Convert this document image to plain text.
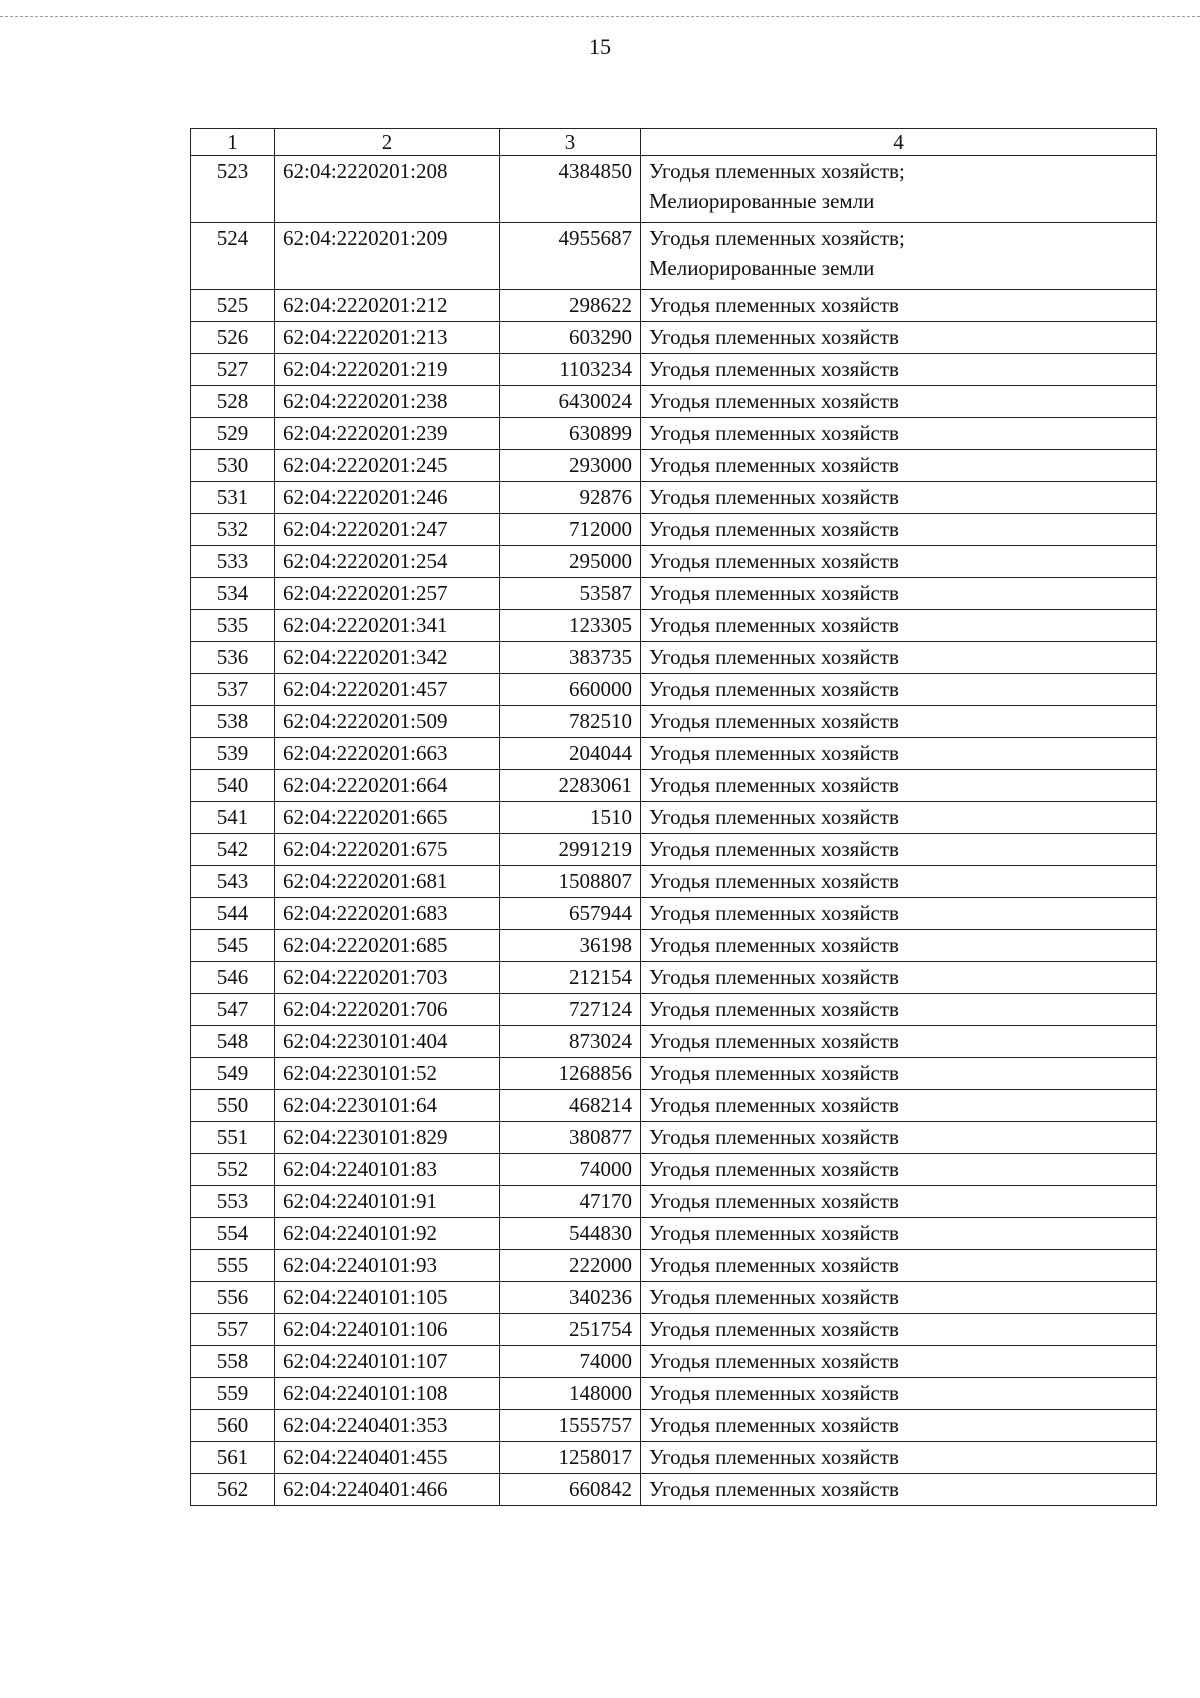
15
1	2	3	4
523	62:04:2220201:208	4384850	Угодья племенных хозяйств;
Мелиорированные земли

524	62:04:2220201:209	4955687	Угодья племенных хозяйств;
Мелиорированные земли

525	62:04:2220201:212	298622	Угодья племенных хозяйств

526	62:04:2220201:213	603290	Угодья племенных хозяйств

527	62:04:2220201:219	1103234	Угодья племенных хозяйств

528	62:04:2220201:238	6430024	Угодья племенных хозяйств

529	62:04:2220201:239	630899	Угодья племенных хозяйств

530	62:04:2220201:245	293000	Угодья племенных хозяйств

531	62:04:2220201:246	92876	Угодья племенных хозяйств

532	62:04:2220201:247	712000	Угодья племенных хозяйств

533	62:04:2220201:254	295000	Угодья племенных хозяйств

534	62:04:2220201:257	53587	Угодья племенных хозяйств

535	62:04:2220201:341	123305	Угодья племенных хозяйств

536	62:04:2220201:342	383735	Угодья племенных хозяйств

537	62:04:2220201:457	660000	Угодья племенных хозяйств

538	62:04:2220201:509	782510	Угодья племенных хозяйств

539	62:04:2220201:663	204044	Угодья племенных хозяйств

540	62:04:2220201:664	2283061	Угодья племенных хозяйств

541	62:04:2220201:665	1510	Угодья племенных хозяйств

542	62:04:2220201:675	2991219	Угодья племенных хозяйств

543	62:04:2220201:681	1508807	Угодья племенных хозяйств

544	62:04:2220201:683	657944	Угодья племенных хозяйств

545	62:04:2220201:685	36198	Угодья племенных хозяйств

546	62:04:2220201:703	212154	Угодья племенных хозяйств

547	62:04:2220201:706	727124	Угодья племенных хозяйств

548	62:04:2230101:404	873024	Угодья племенных хозяйств

549	62:04:2230101:52	1268856	Угодья племенных хозяйств

550	62:04:2230101:64	468214	Угодья племенных хозяйств

551	62:04:2230101:829	380877	Угодья племенных хозяйств

552	62:04:2240101:83	74000	Угодья племенных хозяйств

553	62:04:2240101:91	47170	Угодья племенных хозяйств

554	62:04:2240101:92	544830	Угодья племенных хозяйств

555	62:04:2240101:93	222000	Угодья племенных хозяйств

556	62:04:2240101:105	340236	Угодья племенных хозяйств

557	62:04:2240101:106	251754	Угодья племенных хозяйств

558	62:04:2240101:107	74000	Угодья племенных хозяйств

559	62:04:2240101:108	148000	Угодья племенных хозяйств

560	62:04:2240401:353	1555757	Угодья племенных хозяйств

561	62:04:2240401:455	1258017	Угодья племенных хозяйств

562	62:04:2240401:466	660842	Угодья племенных хозяйств
